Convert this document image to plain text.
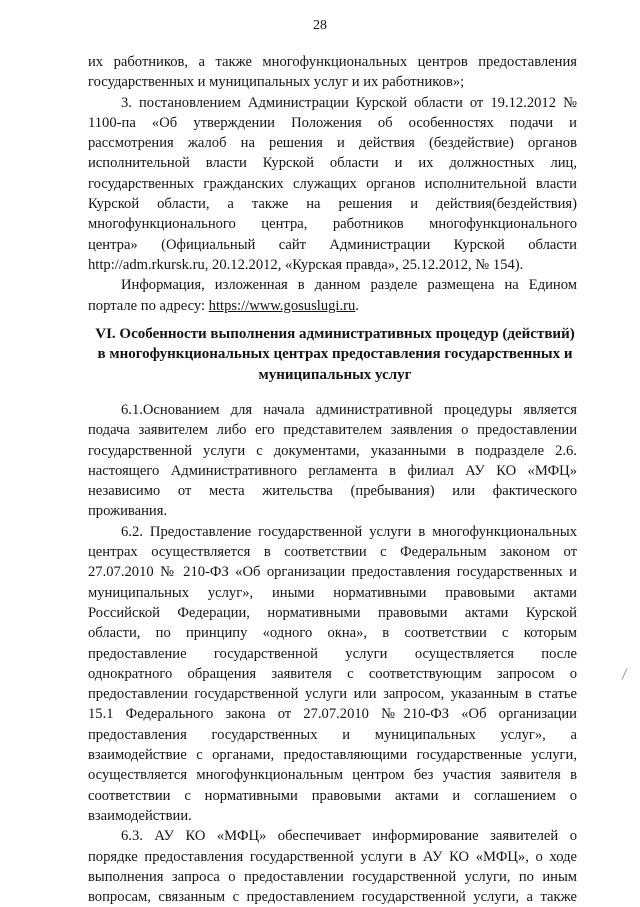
28
их работников, а также многофункциональных центров предоставления
государственных и муниципальных услуг и их работников»;
3. постановлением Администрации Курской области от 19.12.2012 №
1100-па «Об утверждении Положения об особенностях подачи и
рассмотрения жалоб на решения и действия (бездействие) органов
исполнительной власти Курской области и их должностных лиц,
государственных гражданских служащих органов исполнительной власти
Курской области, а также на решения и действия(бездействия)
многофункционального центра, работников многофункционального
центра» (Официальный сайт Администрации Курской области
http://adm.rkursk.ru, 20.12.2012, «Курская правда», 25.12.2012, № 154).
Информация, изложенная в данном разделе размещена на Едином
портале по адресу: https://www.gosuslugi.ru.
VI. Особенности выполнения административных процедур (действий)
в многофункциональных центрах предоставления государственных и
муниципальных услуг
6.1.Основанием для начала административной процедуры является
подача заявителем либо его представителем заявления о предоставлении
государственной услуги с документами, указанными в подразделе 2.6.
настоящего Административного регламента в филиал АУ КО «МФЦ»
независимо от места жительства (пребывания) или фактического
проживания.
6.2. Предоставление государственной услуги в многофункциональных
центрах осуществляется в соответствии с Федеральным законом от
27.07.2010 № 210-ФЗ «Об организации предоставления государственных и
муниципальных услуг», иными нормативными правовыми актами
Российской Федерации, нормативными правовыми актами Курской
области, по принципу «одного окна», в соответствии с которым
предоставление государственной услуги осуществляется после
однократного обращения заявителя с соответствующим запросом о
предоставлении государственной услуги или запросом, указанным в статье
15.1 Федерального закона от 27.07.2010 №210-ФЗ «Об организации
предоставления государственных и муниципальных услуг», а
взаимодействие с органами, предоставляющими государственные услуги,
осуществляется многофункциональным центром без участия заявителя в
соответствии с нормативными правовыми актами и соглашением о
взаимодействии.
6.3. АУ КО «МФЦ» обеспечивает информирование заявителей о
порядке предоставления государственной услуги в АУ КО «МФЦ», о ходе
выполнения запроса о предоставлении государственной услуги, по иным
вопросам, связанным с предоставлением государственной услуги, а также
